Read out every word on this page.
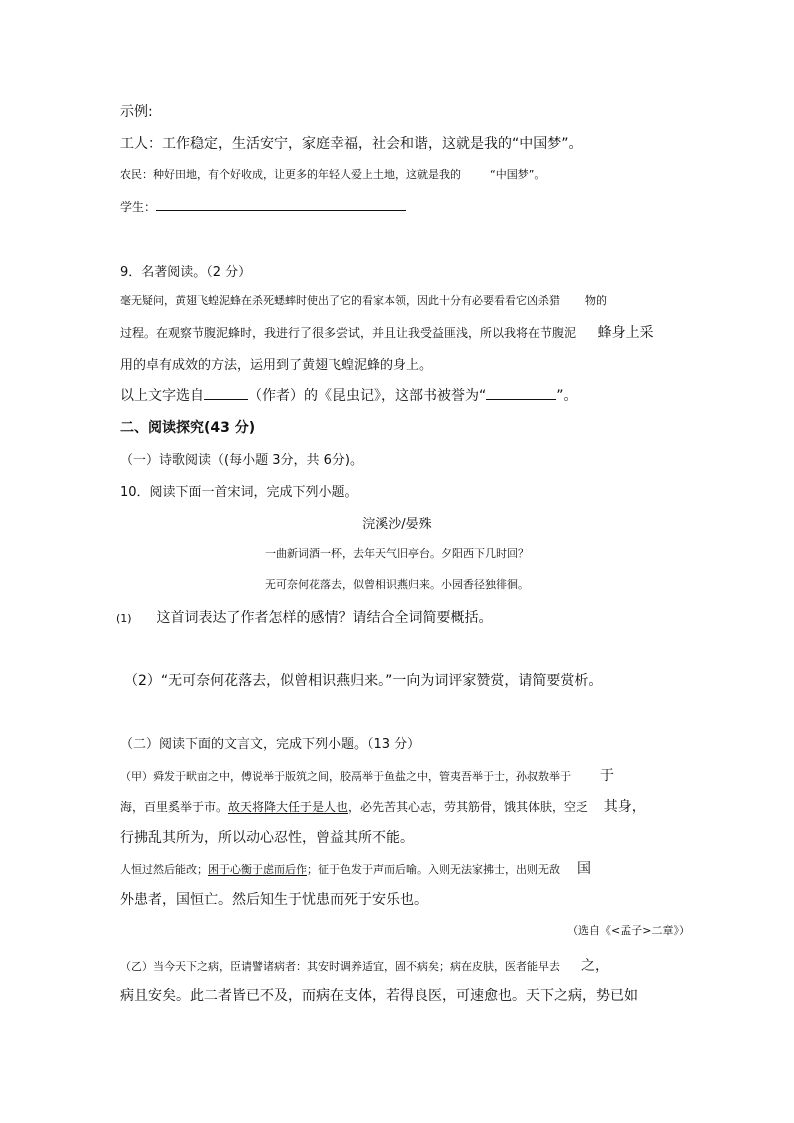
示例:
工人：工作稳定，生活安宁，家庭幸福，社会和谐，这就是我的“中国梦”。
农民：种好田地，有个好收成，让更多的年轻人爱上土地，这就是我的	“中国梦”。
学生：
9．名著阅读。（2 分）
毫无疑问，黄翅飞蝗泥蜂在杀死蟋蟀时使出了它的看家本领，因此十分有必要看看它凶杀猎 物的
过程。在观察节腹泥蜂时，我进行了很多尝试，并且让我受益匪浅，所以我将在节腹泥 蜂身上采
用的卓有成效的方法，运用到了黄翅飞蝗泥蜂的身上。
以上文字选自	（作者）的《昆虫记》，这部书被誉为“	”。
二、阅读探究(43 分)
（一）诗歌阅读（(每小题 3分，共 6分)。
10．阅读下面一首宋词，完成下列小题。
浣溪沙/晏殊
一曲新词酒一杯，去年天气旧亭台。夕阳西下几时回？
无可奈何花落去，似曾相识燕归来。小园香径独徘徊。
(1) 这首词表达了作者怎样的感情？请结合全词简要概括。
（2）“无可奈何花落去，似曾相识燕归来。”一向为词评家赞赏，请简要赏析。
（二）阅读下面的文言文，完成下列小题。（13 分）
（甲）舜发于畎亩之中，傅说举于版筑之间，胶鬲举于鱼盐之中，管夷吾举于士，孙叔敖举于 于
海，百里奚举于市。故天将降大任于是人也，必先苦其心志，劳其筋骨，饿其体肤，空乏 其身，
行拂乱其所为，所以动心忍性，曾益其所不能。
人恒过然后能改；困于心衡于虑而后作；征于色发于声而后喻。入则无法家拂士，出则无敌 国
外患者，国恒亡。然后知生于忧患而死于安乐也。
（选自《<孟子>二章》）
（乙）当今天下之病，臣请譬诸病者：其安时调养适宜，固不病矣；病在皮肤，医者能早去 之，
病且安矣。此二者皆已不及，而病在支体，若得良医，可速愈也。天下之病，势已如
